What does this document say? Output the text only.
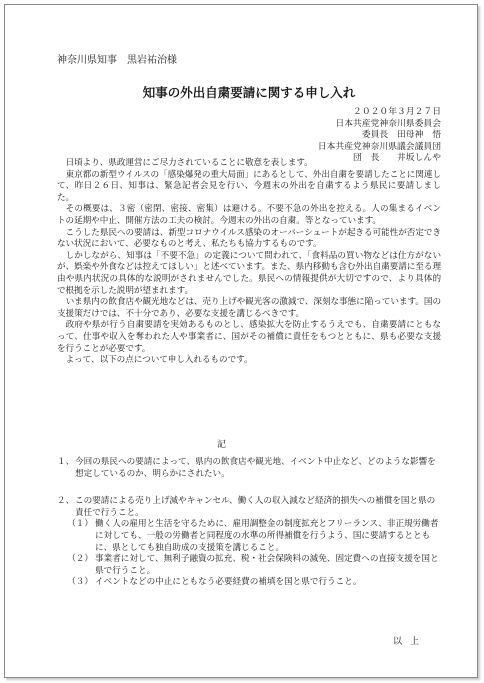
神奈川県知事　黒岩祐治様
知事の外出自粛要請に関する申し入れ
２０２０年３月２７日
日本共産党神奈川県委員会
委員長　田母神　悟
日本共産党神奈川県議会議員団
団　長　　井坂しんや

日頃より、県政運営にご尽力されていることに敬意を表します。

東京都の新型ウイルスの「感染爆発の重大局面」にあるとして、外出自粛を要請したことに関連して、昨日２６日、知事は、緊急記者会見を行い、今週末の外出を自粛するよう県民に要請しました。

その概要は、３密（密閉、密接、密集）は避ける。不要不急の外出を控える。人の集まるイベントの延期や中止、開催方法の工夫の検討。今週末の外出の自粛。等となっています。

こうした県民への要請は、新型コロナウイルス感染のオーバーシュートが起きる可能性が否定できない状況において、必要なものと考え、私たちも協力するものです。

しかしながら、知事は「不要不急」の定義について問われて、「食料品の買い物などは仕方がないが、娯楽や外食などは控えてほしい」と述べています。また、県内移動も含む外出自粛要請に至る理由や県内状況の具体的な説明がされませんでした。県民への情報提供が大切ですので、より具体的で根拠を示した説明が望まれます。

いま県内の飲食店や観光地などは、売り上げや観光客の激減で、深刻な事態に陥っています。国の支援策だけでは、不十分であり、必要な支援を講じるべきです。

政府や県が行う自粛要請を実効あるものとし、感染拡大を防止するうえでも、自粛要請にともなって、仕事や収入を奪われた人や事業者に、国がその補償に責任をもつとともに、県も必要な支援を行うことが必要です。

よって、以下の点について申し入れるものです。

記
１、 今回の県民への要請によって、県内の飲食店や観光地、イベント中止など、どのような影響を想定しているのか、明らかにされたい。
２、 この要請による売り上げ減やキャンセル、働く人の収入減など経済的損失への補償を国と県の責任で行うこと。
（１） 働く人の雇用と生活を守るために、雇用調整金の制度拡充とフリーランス、非正規労働者に対しても、一般の労働者と同程度の水準の所得補償を行うよう、国に要請するとともに、県としても独自助成の支援策を講じること。
（２） 事業者に対して、無利子融資の拡充、税・社会保険料の減免、固定費への直接支援を国と県で行うこと。
（３） イベントなどの中止にともなう必要経費の補填を国と県で行うこと。
以上
